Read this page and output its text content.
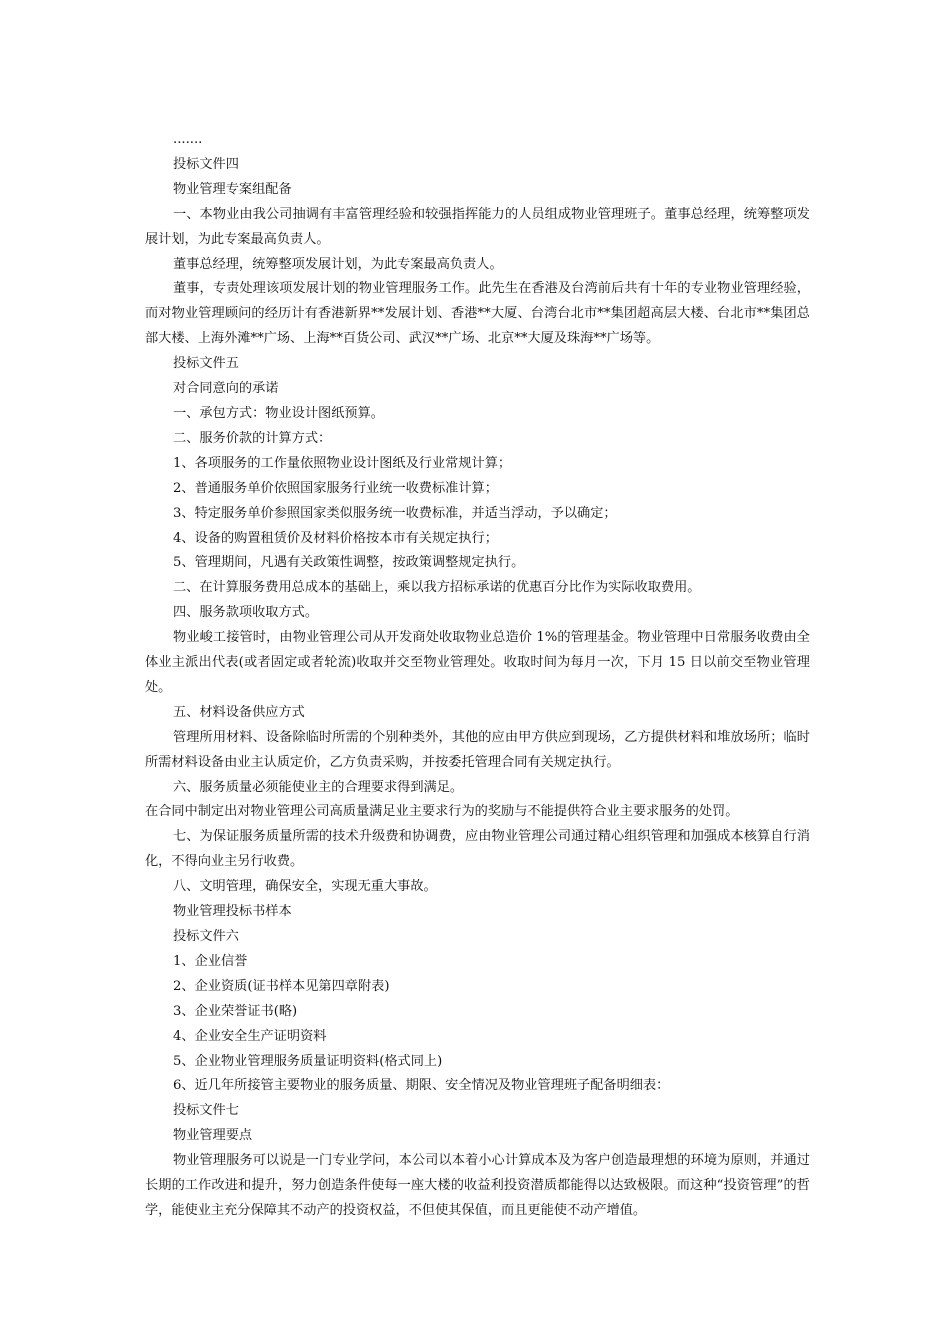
.......

投标文件四

物业管理专案组配备

一、本物业由我公司抽调有丰富管理经验和较强指挥能力的人员组成物业管理班子。董事总经理，统筹整项发展计划，为此专案最高负责人。

董事总经理，统筹整项发展计划，为此专案最高负责人。

董事，专责处理该项发展计划的物业管理服务工作。此先生在香港及台湾前后共有十年的专业物业管理经验，而对物业管理顾问的经历计有香港新界**发展计划、香港**大厦、台湾台北市**集团超高层大楼、台北市**集团总部大楼、上海外滩**广场、上海**百货公司、武汉**广场、北京**大厦及珠海**广场等。

投标文件五

对合同意向的承诺

一、承包方式：物业设计图纸预算。

二、服务价款的计算方式：

1、各项服务的工作量依照物业设计图纸及行业常规计算；

2、普通服务单价依照国家服务行业统一收费标准计算；

3、特定服务单价参照国家类似服务统一收费标准，并适当浮动，予以确定；

4、设备的购置租赁价及材料价格按本市有关规定执行；

5、管理期间，凡遇有关政策性调整，按政策调整规定执行。

二、在计算服务费用总成本的基础上，乘以我方招标承诺的优惠百分比作为实际收取费用。

四、服务款项收取方式。

物业峻工接管时，由物业管理公司从开发商处收取物业总造价 1%的管理基金。物业管理中日常服务收费由全体业主派出代表(或者固定或者轮流)收取并交至物业管理处。收取时间为每月一次，下月 15 日以前交至物业管理处。

五、材料设备供应方式

管理所用材料、设备除临时所需的个别种类外，其他的应由甲方供应到现场，乙方提供材料和堆放场所；临时所需材料设备由业主认质定价，乙方负责采购，并按委托管理合同有关规定执行。

六、服务质量必须能使业主的合理要求得到满足。

在合同中制定出对物业管理公司高质量满足业主要求行为的奖励与不能提供符合业主要求服务的处罚。

七、为保证服务质量所需的技术升级费和协调费，应由物业管理公司通过精心组织管理和加强成本核算自行消化，不得向业主另行收费。

八、文明管理，确保安全，实现无重大事故。

物业管理投标书样本

投标文件六

1、企业信誉

2、企业资质(证书样本见第四章附表)

3、企业荣誉证书(略)

4、企业安全生产证明资料

5、企业物业管理服务质量证明资料(格式同上)

6、近几年所接管主要物业的服务质量、期限、安全情况及物业管理班子配备明细表：

投标文件七

物业管理要点

物业管理服务可以说是一门专业学问，本公司以本着小心计算成本及为客户创造最理想的环境为原则，并通过长期的工作改进和提升，努力创造条件使每一座大楼的收益利投资潜质都能得以达致极限。而这种“投资管理”的哲学，能使业主充分保障其不动产的投资权益，不但使其保值，而且更能使不动产增值。
